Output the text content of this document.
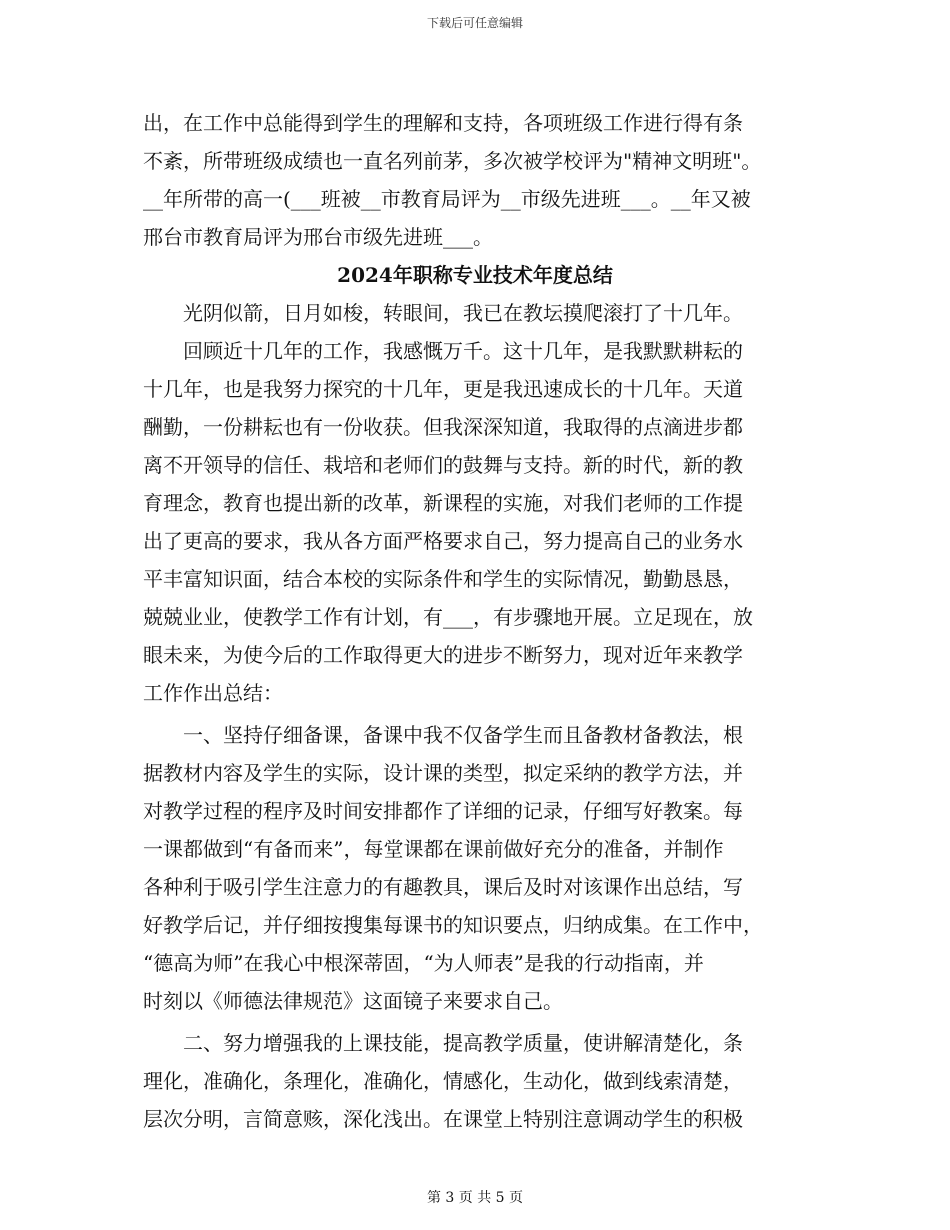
下载后可任意编辑
出，在工作中总能得到学生的理解和支持，各项班级工作进行得有条
不紊，所带班级成绩也一直名列前茅，多次被学校评为"精神文明班"。
__年所带的高一(___班被__市教育局评为__市级先进班___。__年又被
邢台市教育局评为邢台市级先进班___。
2024年职称专业技术年度总结
　　光阴似箭，日月如梭，转眼间，我已在教坛摸爬滚打了十几年。
　　回顾近十几年的工作，我感慨万千。这十几年，是我默默耕耘的
十几年，也是我努力探究的十几年，更是我迅速成长的十几年。天道
酬勤，一份耕耘也有一份收获。但我深深知道，我取得的点滴进步都
离不开领导的信任、栽培和老师们的鼓舞与支持。新的时代，新的教
育理念，教育也提出新的改革，新课程的实施，对我们老师的工作提
出了更高的要求，我从各方面严格要求自己，努力提高自己的业务水
平丰富知识面，结合本校的实际条件和学生的实际情况，勤勤恳恳，
兢兢业业，使教学工作有计划，有___，有步骤地开展。立足现在，放
眼未来，为使今后的工作取得更大的进步不断努力，现对近年来教学
工作作出总结：
　　一、坚持仔细备课，备课中我不仅备学生而且备教材备教法，根
据教材内容及学生的实际，设计课的类型，拟定采纳的教学方法，并
对教学过程的程序及时间安排都作了详细的记录，仔细写好教案。每
一课都做到“有备而来”，每堂课都在课前做好充分的准备，并制作
各种利于吸引学生注意力的有趣教具，课后及时对该课作出总结，写
好教学后记，并仔细按搜集每课书的知识要点，归纳成集。在工作中，
“德高为师”在我心中根深蒂固，“为人师表”是我的行动指南，并
时刻以《师德法律规范》这面镜子来要求自己。
　　二、努力增强我的上课技能，提高教学质量，使讲解清楚化，条
理化，准确化，条理化，准确化，情感化，生动化，做到线索清楚，
层次分明，言简意赅，深化浅出。在课堂上特别注意调动学生的积极
第 3 页 共 5 页
